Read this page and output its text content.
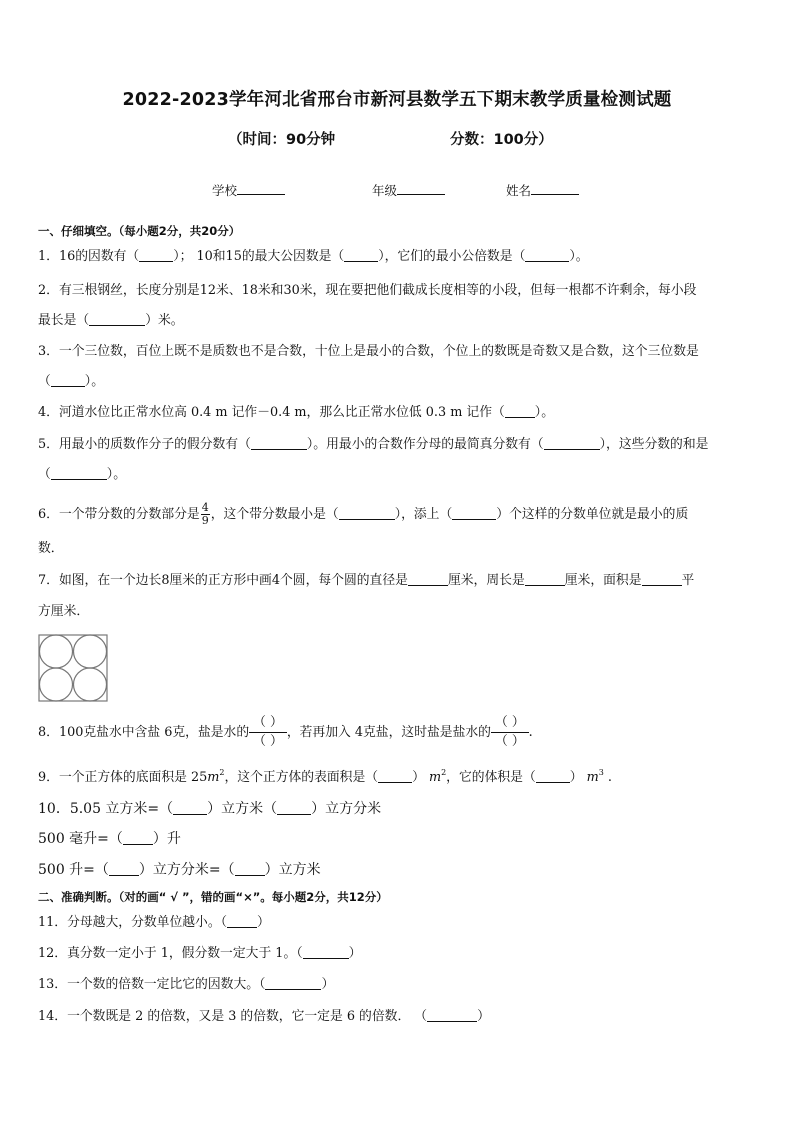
2022-2023学年河北省邢台市新河县数学五下期末教学质量检测试题
（时间：90分钟	分数：100分）
学校	年级	姓名
一、仔细填空。（每小题2分，共20分）
1．16的因数有（	）； 10和15的最大公因数是（	），它们的最小公倍数是（	）。
2．有三根钢丝，长度分别是12米、18米和30米，现在要把他们截成长度相等的小段，但每一根都不许剩余，每小段
最长是（	）米。
3．一个三位数，百位上既不是质数也不是合数，十位上是最小的合数，个位上的数既是奇数又是合数，这个三位数是
（	）。
4．河道水位比正常水位高 0.4 m 记作－0.4 m，那么比正常水位低 0.3 m 记作（ ）。
5．用最小的质数作分子的假分数有（	）。用最小的合数作分母的最简真分数有（	），这些分数的和是
（	）。
6．一个带分数的分数部分是 $\frac{4}{9}$ ，这个带分数最小是（	），添上（	）个这样的分数单位就是最小的质
数．
7．如图，在一个边长8厘米的正方形中画4个圆，每个圆的直径是	厘米，周长是	厘米，面积是	平
方厘米．
8．100克盐水中含盐 6克，盐是水的 $\frac{( )}{( )}$ ，若再加入 4克盐，这时盐是盐水的 $\frac{( )}{( )}$ .
9．一个正方体的底面积是 $25m^2$，这个正方体的表面积是（	） $m^2$，它的体积是（	） $m^3$ .
10．5.05 立方米=（ ）立方米（ ）立方分米
500 毫升=（ ）升
500 升=（ ）立方分米=（ ）立方米
二、准确判断。（对的画“ √ ”，错的画“×”。每小题2分，共12分）
11．分母越大，分数单位越小。（ ）
12．真分数一定小于 1，假分数一定大于 1。（	）
13．一个数的倍数一定比它的因数大。（	）
14．一个数既是 2 的倍数，又是 3 的倍数，它一定是 6 的倍数． （	）
